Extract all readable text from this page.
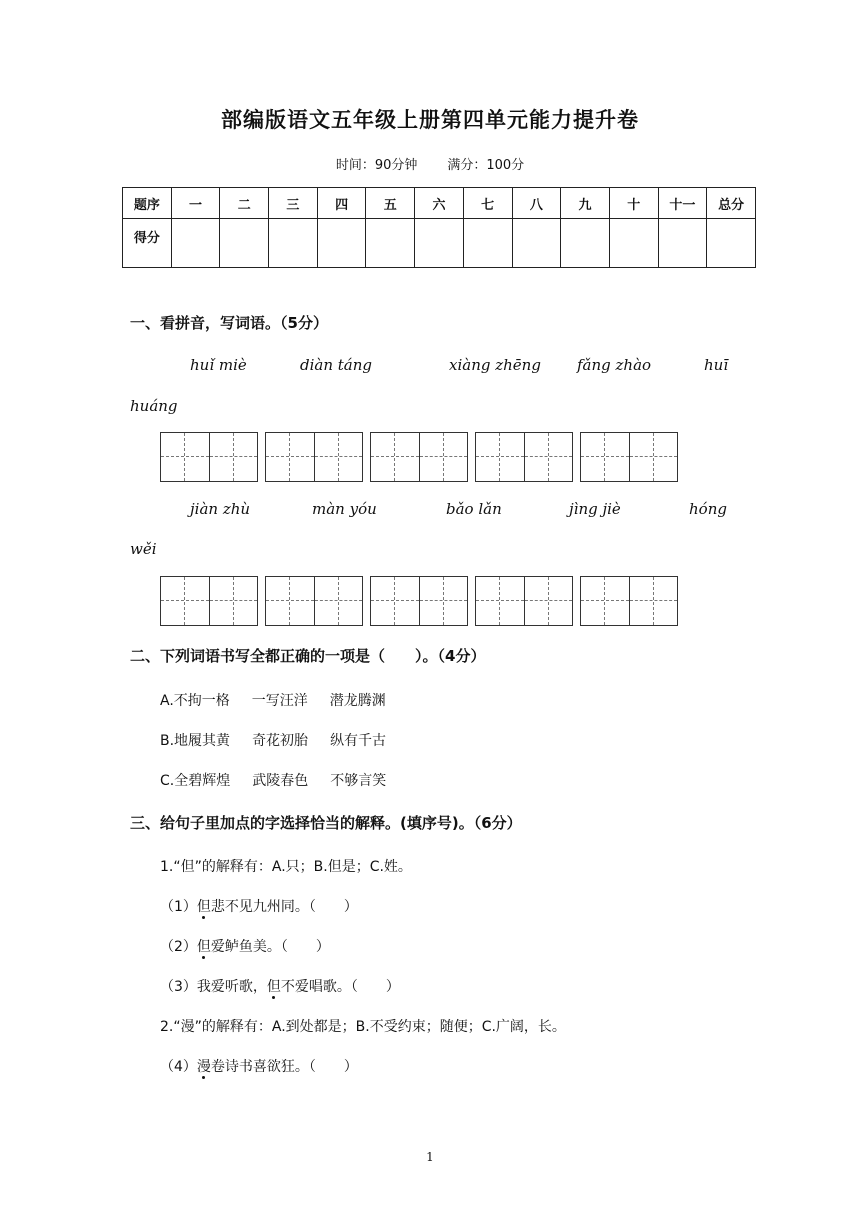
部编版语文五年级上册第四单元能力提升卷
时间：90分钟 满分：100分
题序	一	二	三	四	五	六	七	八	九	十	十一	总分
得分												
一、看拼音，写词语。（5分）
huǐ miè	diàn táng	xiàng zhēng fǎng zhào	huī
huáng
jiàn zhù	màn yóu	bǎo lǎn	jìng jiè	hóng
wěi
二、下列词语书写全都正确的一项是（　　）。（4分）
A.不拘一格 一写汪洋 潜龙腾渊
B.地履其黄 奇花初胎 纵有千古
C.全碧辉煌 武陵春色 不够言笑
三、给句子里加点的字选择恰当的解释。(填序号)。（6分）
1.“但”的解释有：A.只；B.但是；C.姓。
（1）但悲不见九州同。（　　）
（2）但爱鲈鱼美。（　　）
（3）我爱听歌，但不爱唱歌。（　　）
2.“漫”的解释有：A.到处都是；B.不受约束；随便；C.广阔，长。
（4）漫卷诗书喜欲狂。（　　）
1
